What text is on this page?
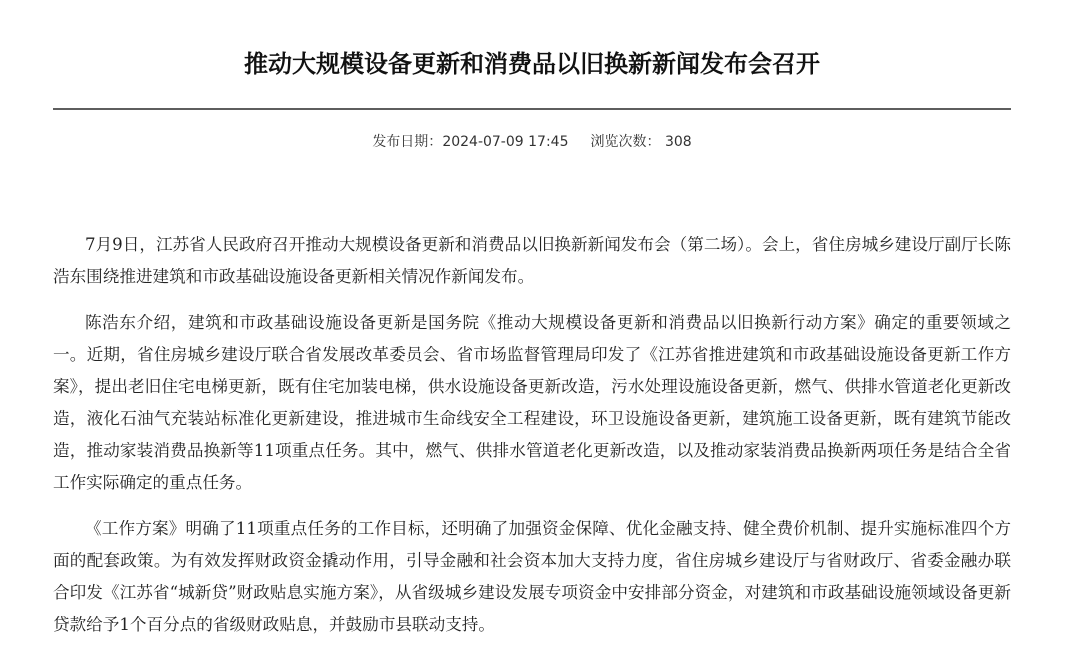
推动大规模设备更新和消费品以旧换新新闻发布会召开
发布日期：2024-07-09 17:45 浏览次数： 308

7月9日，江苏省人民政府召开推动大规模设备更新和消费品以旧换新新闻发布会（第二场）。会上，省住房城乡建设厅副厅长陈浩东围绕推进建筑和市政基础设施设备更新相关情况作新闻发布。

陈浩东介绍，建筑和市政基础设施设备更新是国务院《推动大规模设备更新和消费品以旧换新行动方案》确定的重要领域之一。近期，省住房城乡建设厅联合省发展改革委员会、省市场监督管理局印发了《江苏省推进建筑和市政基础设施设备更新工作方案》，提出老旧住宅电梯更新，既有住宅加装电梯，供水设施设备更新改造，污水处理设施设备更新，燃气、供排水管道老化更新改造，液化石油气充装站标准化更新建设，推进城市生命线安全工程建设，环卫设施设备更新，建筑施工设备更新，既有建筑节能改造，推动家装消费品换新等11项重点任务。其中，燃气、供排水管道老化更新改造，以及推动家装消费品换新两项任务是结合全省工作实际确定的重点任务。

《工作方案》明确了11项重点任务的工作目标，还明确了加强资金保障、优化金融支持、健全费价机制、提升实施标准四个方面的配套政策。为有效发挥财政资金撬动作用，引导金融和社会资本加大支持力度，省住房城乡建设厅与省财政厅、省委金融办联合印发《江苏省“城新贷”财政贴息实施方案》，从省级城乡建设发展专项资金中安排部分资金，对建筑和市政基础设施领域设备更新贷款给予1个百分点的省级财政贴息，并鼓励市县联动支持。
